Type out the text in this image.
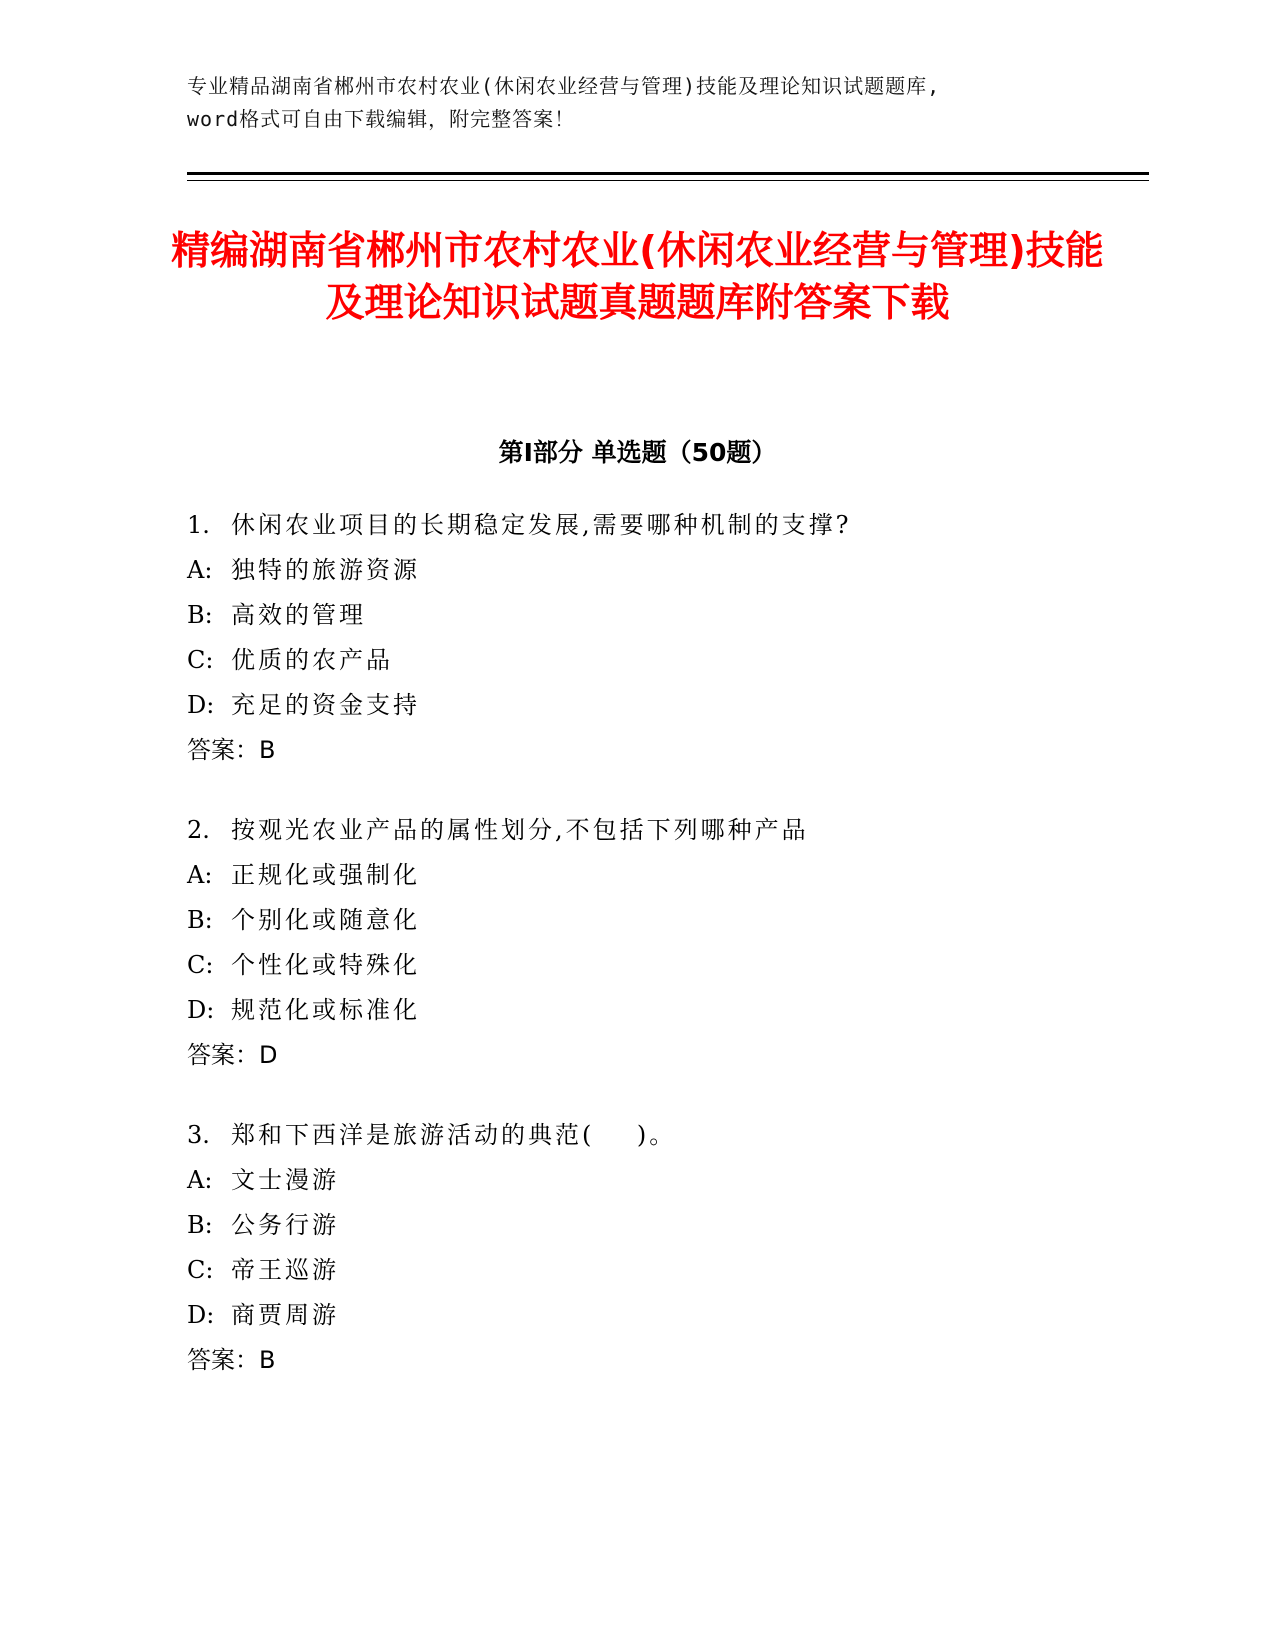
专业精品湖南省郴州市农村农业(休闲农业经营与管理)技能及理论知识试题题库,
word格式可自由下载编辑，附完整答案！
精编湖南省郴州市农村农业(休闲农业经营与管理)技能及理论知识试题真题题库附答案下载
第Ⅰ部分 单选题（50题）
1. 休闲农业项目的长期稳定发展,需要哪种机制的支撑?
A: 独特的旅游资源
B: 高效的管理
C: 优质的农产品
D: 充足的资金支持
答案：B
2. 按观光农业产品的属性划分,不包括下列哪种产品
A: 正规化或强制化
B: 个别化或随意化
C: 个性化或特殊化
D: 规范化或标准化
答案：D
3. 郑和下西洋是旅游活动的典范(    )。
A: 文士漫游
B: 公务行游
C: 帝王巡游
D: 商贾周游
答案：B
